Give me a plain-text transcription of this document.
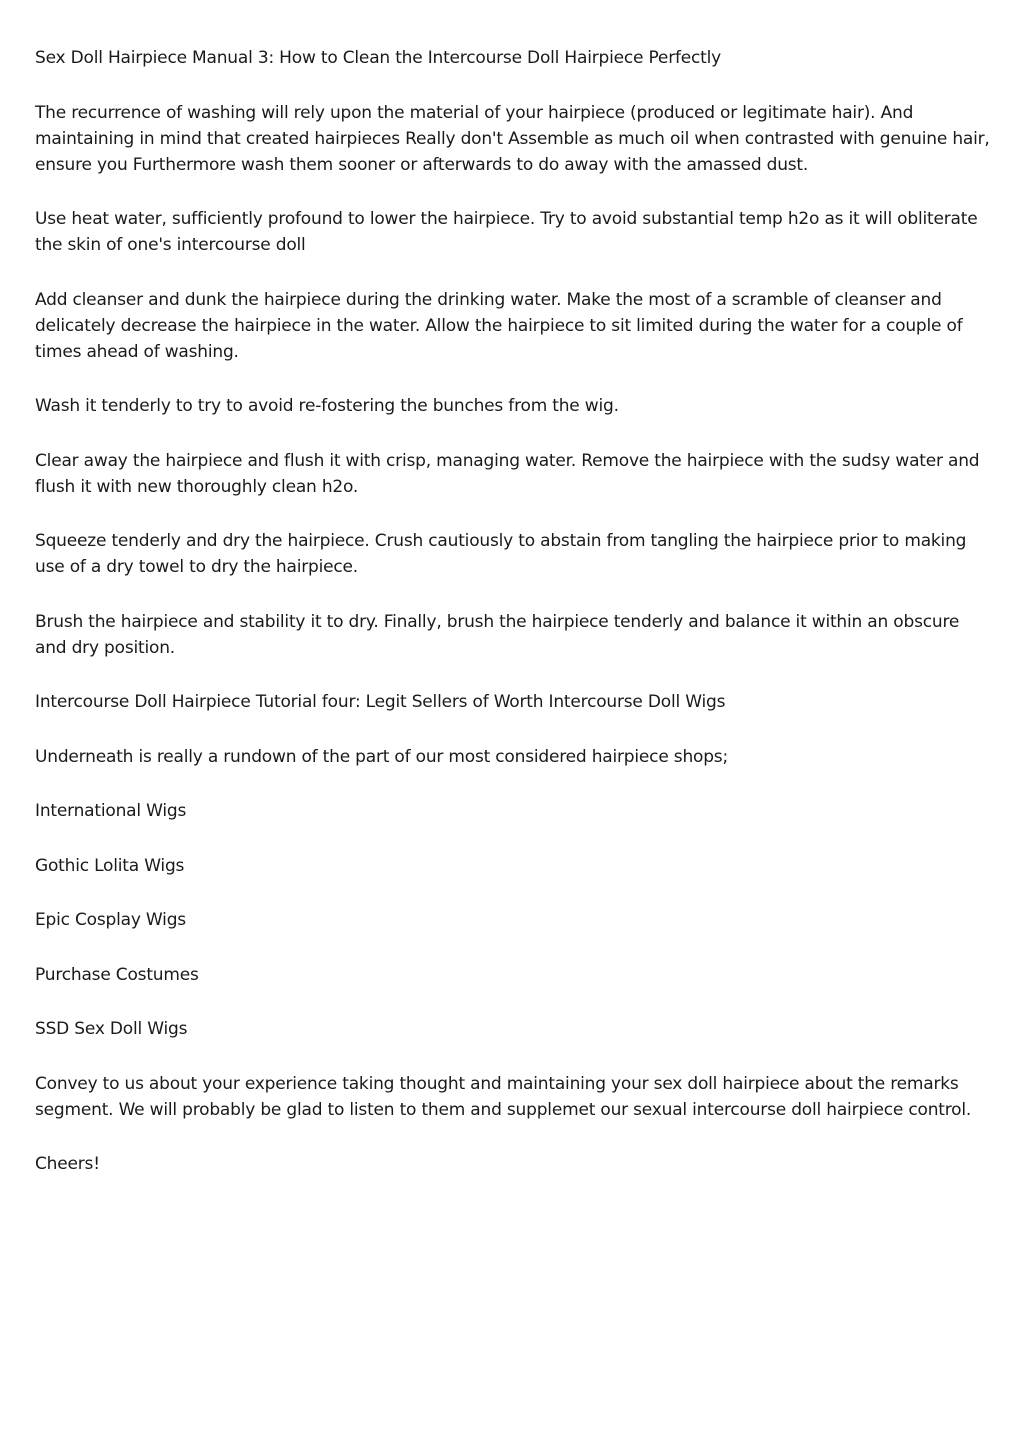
Sex Doll Hairpiece Manual 3: How to Clean the Intercourse Doll Hairpiece Perfectly

The recurrence of washing will rely upon the material of your hairpiece (produced or legitimate hair). And maintaining in mind that created hairpieces Really don't Assemble as much oil when contrasted with genuine hair, ensure you Furthermore wash them sooner or afterwards to do away with the amassed dust.

Use heat water, sufficiently profound to lower the hairpiece. Try to avoid substantial temp h2o as it will obliterate the skin of one's intercourse doll

Add cleanser and dunk the hairpiece during the drinking water. Make the most of a scramble of cleanser and delicately decrease the hairpiece in the water. Allow the hairpiece to sit limited during the water for a couple of times ahead of washing.

Wash it tenderly to try to avoid re-fostering the bunches from the wig.

Clear away the hairpiece and flush it with crisp, managing water. Remove the hairpiece with the sudsy water and flush it with new thoroughly clean h2o.

Squeeze tenderly and dry the hairpiece. Crush cautiously to abstain from tangling the hairpiece prior to making use of a dry towel to dry the hairpiece.

Brush the hairpiece and stability it to dry. Finally, brush the hairpiece tenderly and balance it within an obscure and dry position.

Intercourse Doll Hairpiece Tutorial four: Legit Sellers of Worth Intercourse Doll Wigs

Underneath is really a rundown of the part of our most considered hairpiece shops;

International Wigs

Gothic Lolita Wigs

Epic Cosplay Wigs

Purchase Costumes

SSD Sex Doll Wigs

Convey to us about your experience taking thought and maintaining your sex doll hairpiece about the remarks segment. We will probably be glad to listen to them and supplemet our sexual intercourse doll hairpiece control.

Cheers!
